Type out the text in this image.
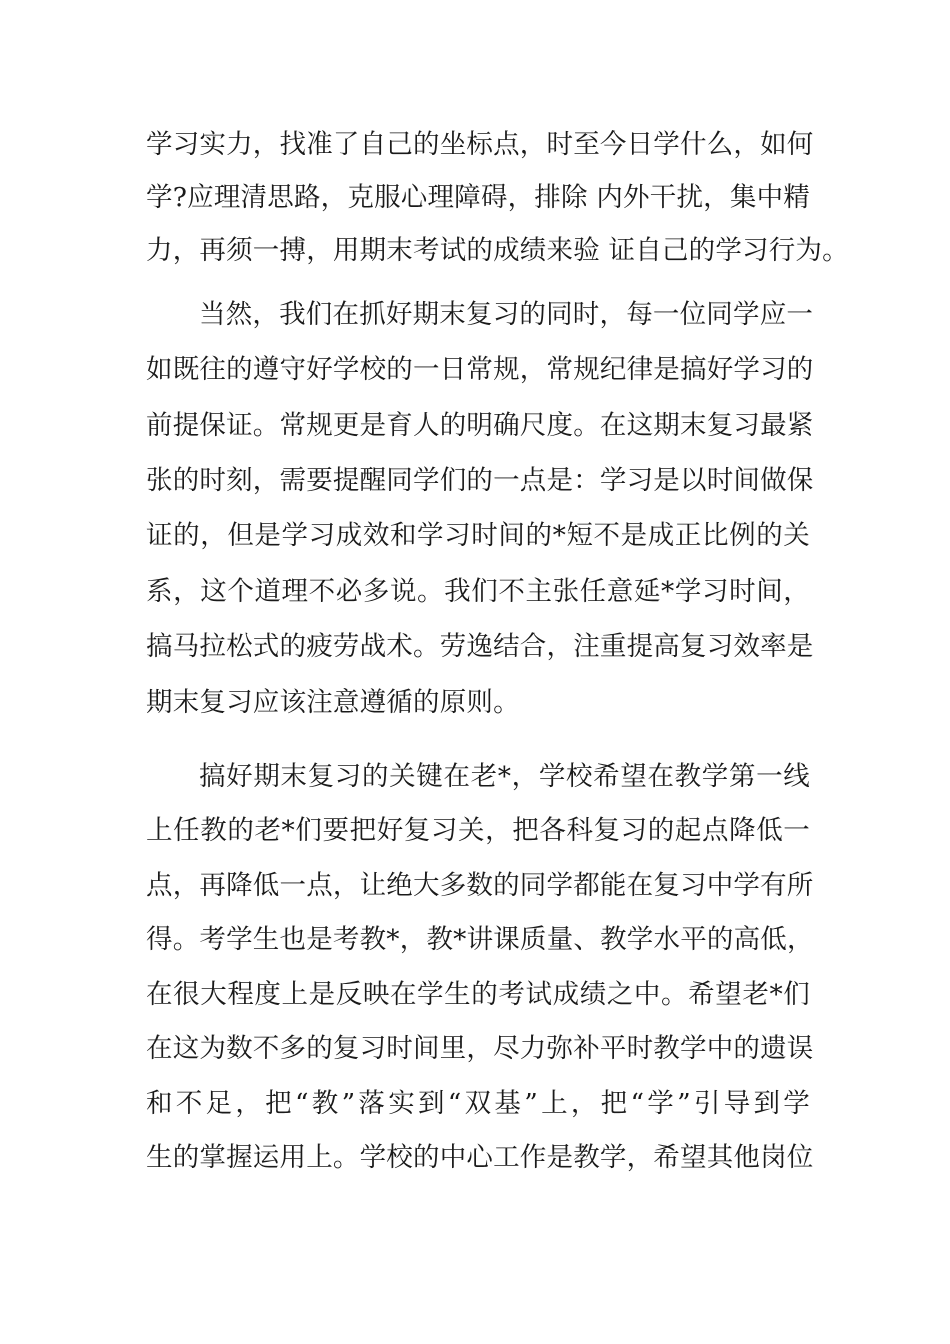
学习实力，找准了自己的坐标点，时至今日学什么，如何

学?应理清思路，克服心理障碍，排除 内外干扰，集中精

力，再须一搏，用期末考试的成绩来验 证自己的学习行为。

当然，我们在抓好期末复习的同时，每一位同学应一

如既往的遵守好学校的一日常规，常规纪律是搞好学习的

前提保证。常规更是育人的明确尺度。在这期末复习最紧

张的时刻，需要提醒同学们的一点是：学习是以时间做保

证的，但是学习成效和学习时间的*短不是成正比例的关

系，这个道理不必多说。我们不主张任意延*学习时间，

搞马拉松式的疲劳战术。劳逸结合，注重提高复习效率是

期末复习应该注意遵循的原则。

搞好期末复习的关键在老*，学校希望在教学第一线

上任教的老*们要把好复习关，把各科复习的起点降低一

点，再降低一点，让绝大多数的同学都能在复习中学有所

得。考学生也是考教*，教*讲课质量、教学水平的高低，

在很大程度上是反映在学生的考试成绩之中。希望老*们

在这为数不多的复习时间里，尽力弥补平时教学中的遗误

和不足，把“教”落实到“双基”上，把“学”引导到学

生的掌握运用上。学校的中心工作是教学，希望其他岗位
